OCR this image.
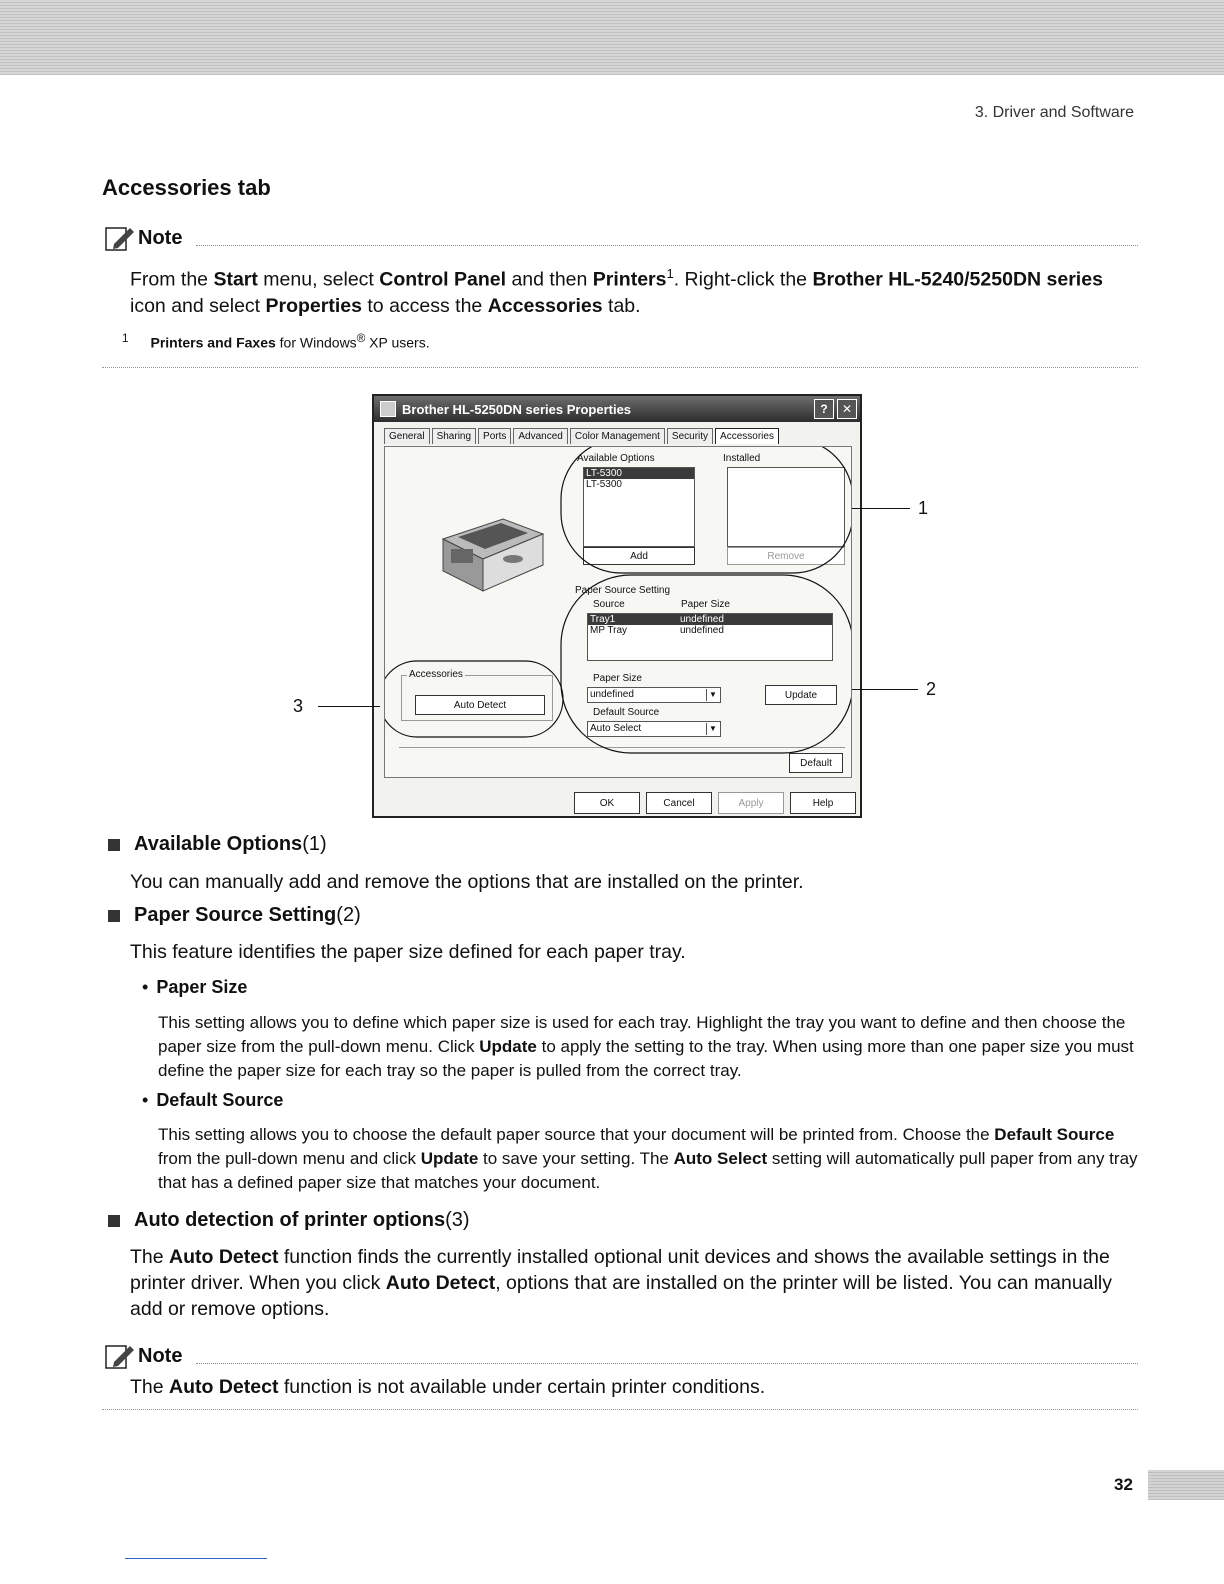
3. Driver and Software
Accessories tab
Note
From the Start menu, select Control Panel and then Printers$^1$. Right-click the Brother HL-5240/5250DN series icon and select Properties to access the Accessories tab.
$^1$ Printers and Faxes for Windows® XP users.
Brother HL-5250DN series Properties	?	✕
General	Sharing	Ports	Advanced	Color Management	Security	Accessories
Available Options	Installed
LT-5300
LT-5300
Add	Remove
Paper Source Setting
Source	Paper Size
Tray1	undefined
MP Tray	undefined
Paper Size
undefined	▼	Update
Default Source
Auto Select	▼
Accessories
Auto Detect
Default
OK	Cancel	Apply	Help
1
2
3
Available Options (1)
You can manually add and remove the options that are installed on the printer.
Paper Source Setting (2)
This feature identifies the paper size defined for each paper tray.
• Paper Size
This setting allows you to define which paper size is used for each tray. Highlight the tray you want to define and then choose the paper size from the pull-down menu. Click Update to apply the setting to the tray. When using more than one paper size you must define the paper size for each tray so the paper is pulled from the correct tray.
• Default Source
This setting allows you to choose the default paper source that your document will be printed from. Choose the Default Source from the pull-down menu and click Update to save your setting. The Auto Select setting will automatically pull paper from any tray that has a defined paper size that matches your document.
Auto detection of printer options (3)
The Auto Detect function finds the currently installed optional unit devices and shows the available settings in the printer driver. When you click Auto Detect, options that are installed on the printer will be listed. You can manually add or remove options.
Note
The Auto Detect function is not available under certain printer conditions.
32
